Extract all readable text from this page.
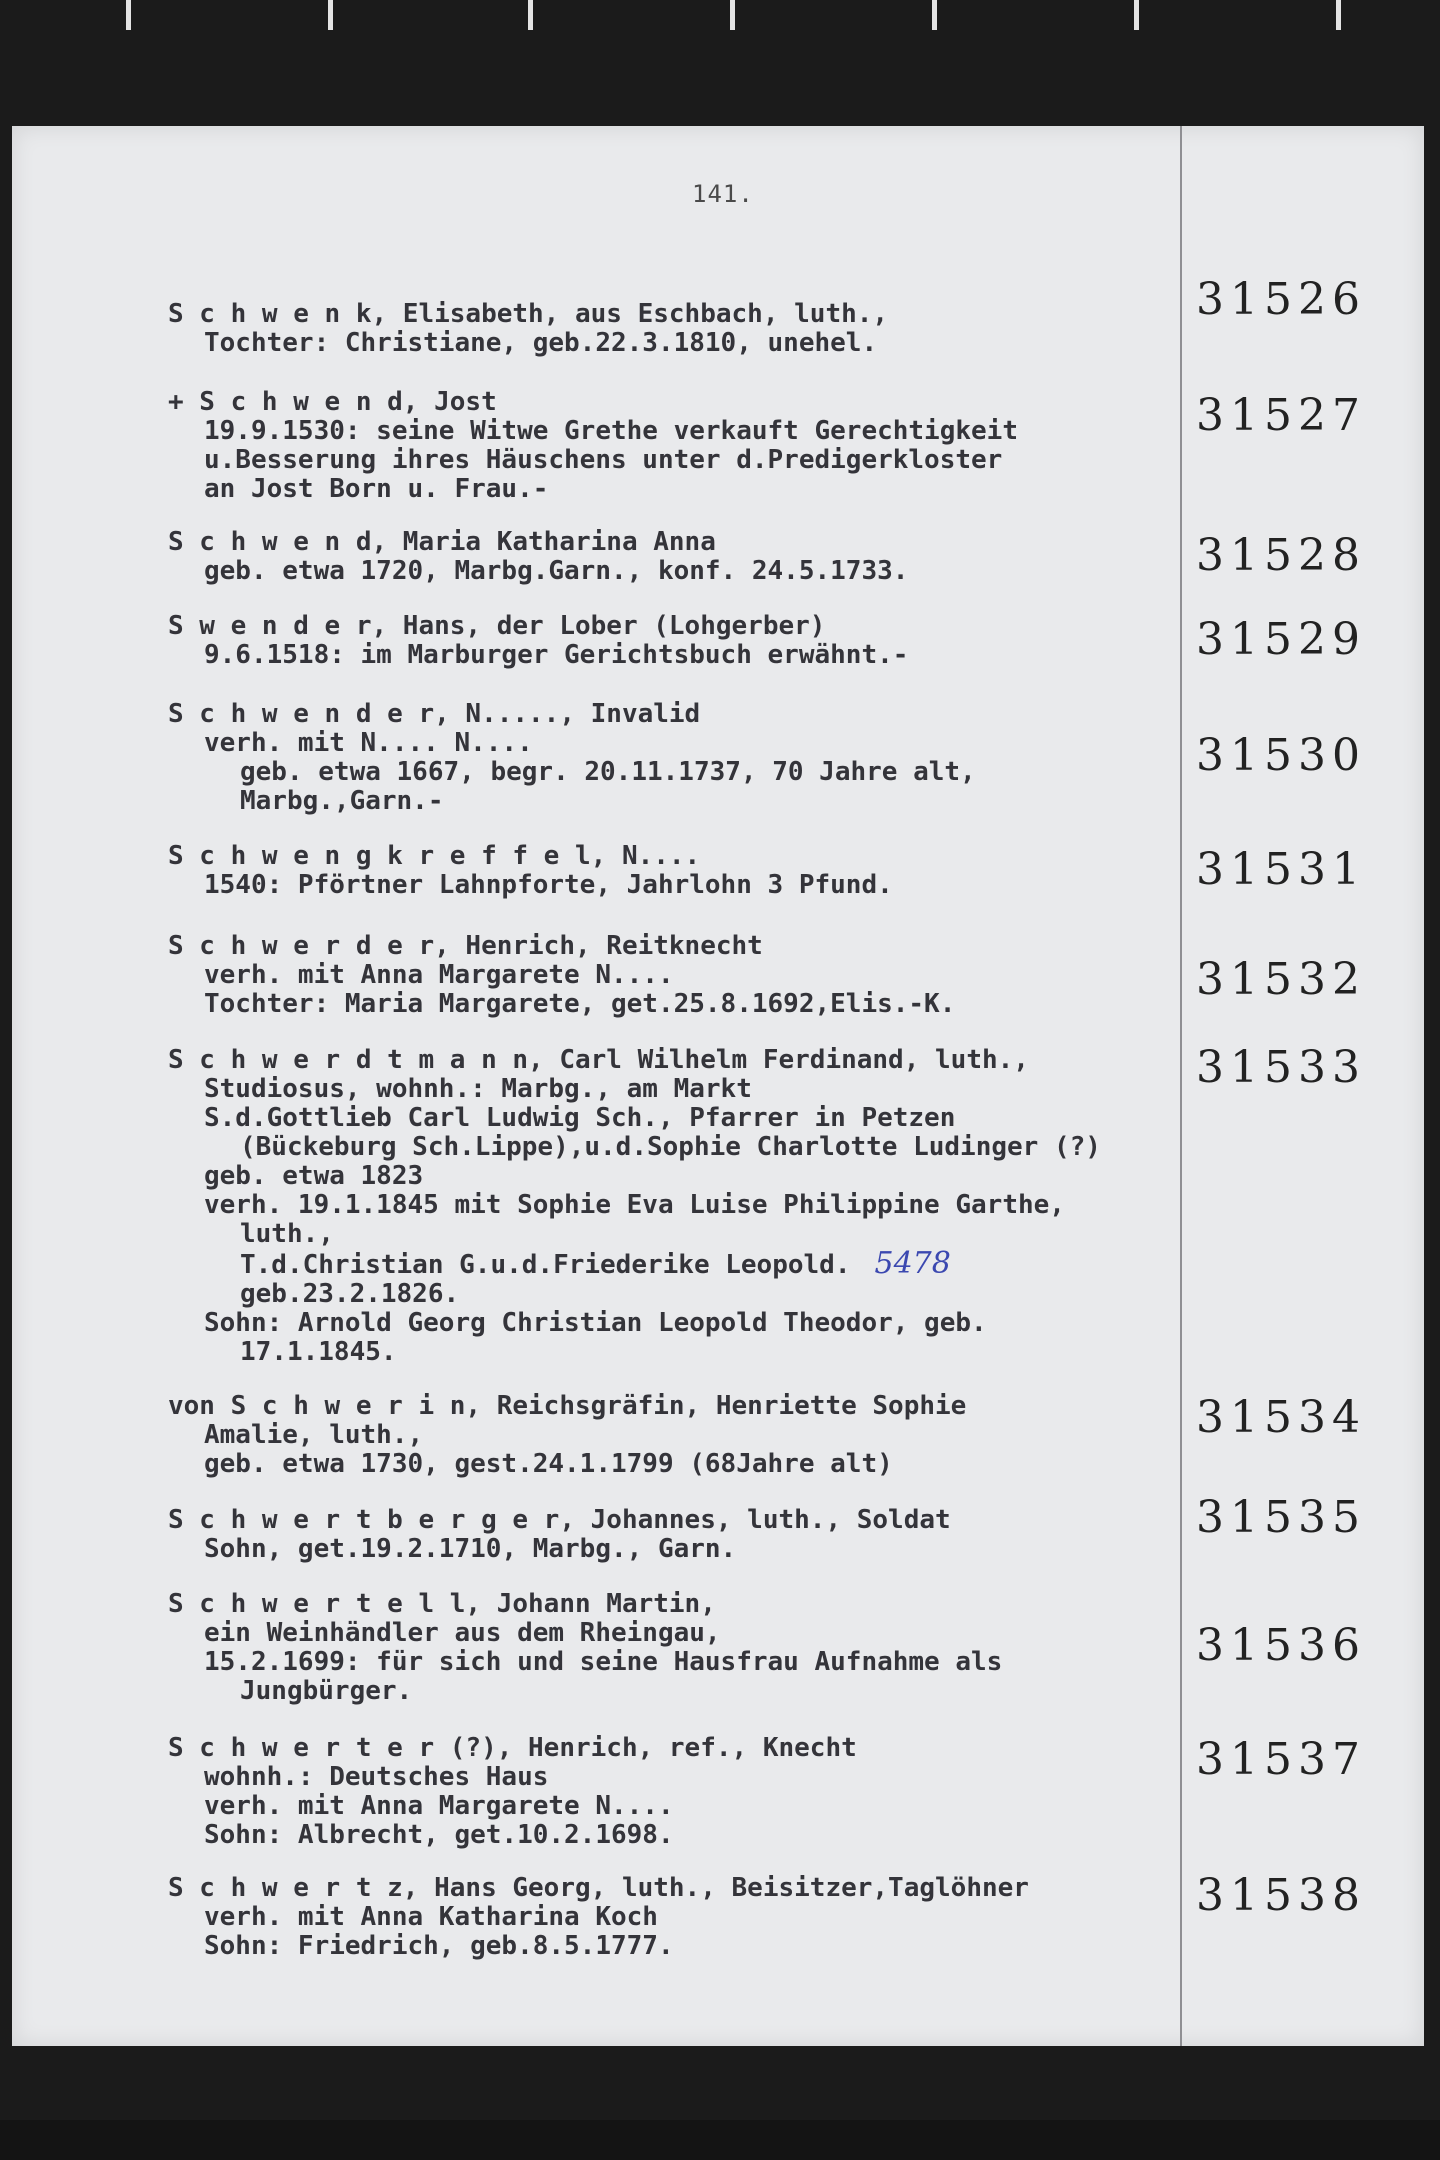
141.
S c h w e n k, Elisabeth, aus Eschbach, luth.,
Tochter: Christiane, geb.22.3.1810, unehel.
31526
+ S c h w e n d, Jost
19.9.1530: seine Witwe Grethe verkauft Gerechtigkeit
u.Besserung ihres Häuschens unter d.Predigerkloster
an Jost Born u. Frau.-
31527
S c h w e n d, Maria Katharina Anna
geb. etwa 1720, Marbg.Garn., konf. 24.5.1733.	31528
S w e n d e r, Hans, der Lober (Lohgerber)
9.6.1518: im Marburger Gerichtsbuch erwähnt.-	31529
S c h w e n d e r, N....., Invalid
verh. mit N.... N....
geb. etwa 1667, begr. 20.11.1737, 70 Jahre alt,
Marbg.,Garn.-
31530
S c h w e n g k r e f f e l, N....
1540: Pförtner Lahnpforte, Jahrlohn 3 Pfund.	31531
S c h w e r d e r, Henrich, Reitknecht
verh. mit Anna Margarete N....
Tochter: Maria Margarete, get.25.8.1692,Elis.-K.	31532
S c h w e r d t m a n n, Carl Wilhelm Ferdinand, luth.,
Studiosus, wohnh.: Marbg., am Markt
S.d.Gottlieb Carl Ludwig Sch., Pfarrer in Petzen
(Bückeburg Sch.Lippe),u.d.Sophie Charlotte Ludinger (?)
geb. etwa 1823
verh. 19.1.1845 mit Sophie Eva Luise Philippine Garthe,
luth.,
T.d.Christian G.u.d.Friederike Leopold. 5478
geb.23.2.1826.
Sohn: Arnold Georg Christian Leopold Theodor, geb.
17.1.1845.
31533
von S c h w e r i n, Reichsgräfin, Henriette Sophie
Amalie, luth.,
geb. etwa 1730, gest.24.1.1799 (68Jahre alt)
31534
S c h w e r t b e r g e r, Johannes, luth., Soldat
Sohn, get.19.2.1710, Marbg., Garn.
31535
S c h w e r t e l l, Johann Martin,
ein Weinhändler aus dem Rheingau,
15.2.1699: für sich und seine Hausfrau Aufnahme als
Jungbürger.
31536
S c h w e r t e r (?), Henrich, ref., Knecht
wohnh.: Deutsches Haus
verh. mit Anna Margarete N....
Sohn: Albrecht, get.10.2.1698.
31537
S c h w e r t z, Hans Georg, luth., Beisitzer,Taglöhner
verh. mit Anna Katharina Koch
Sohn: Friedrich, geb.8.5.1777.
31538
